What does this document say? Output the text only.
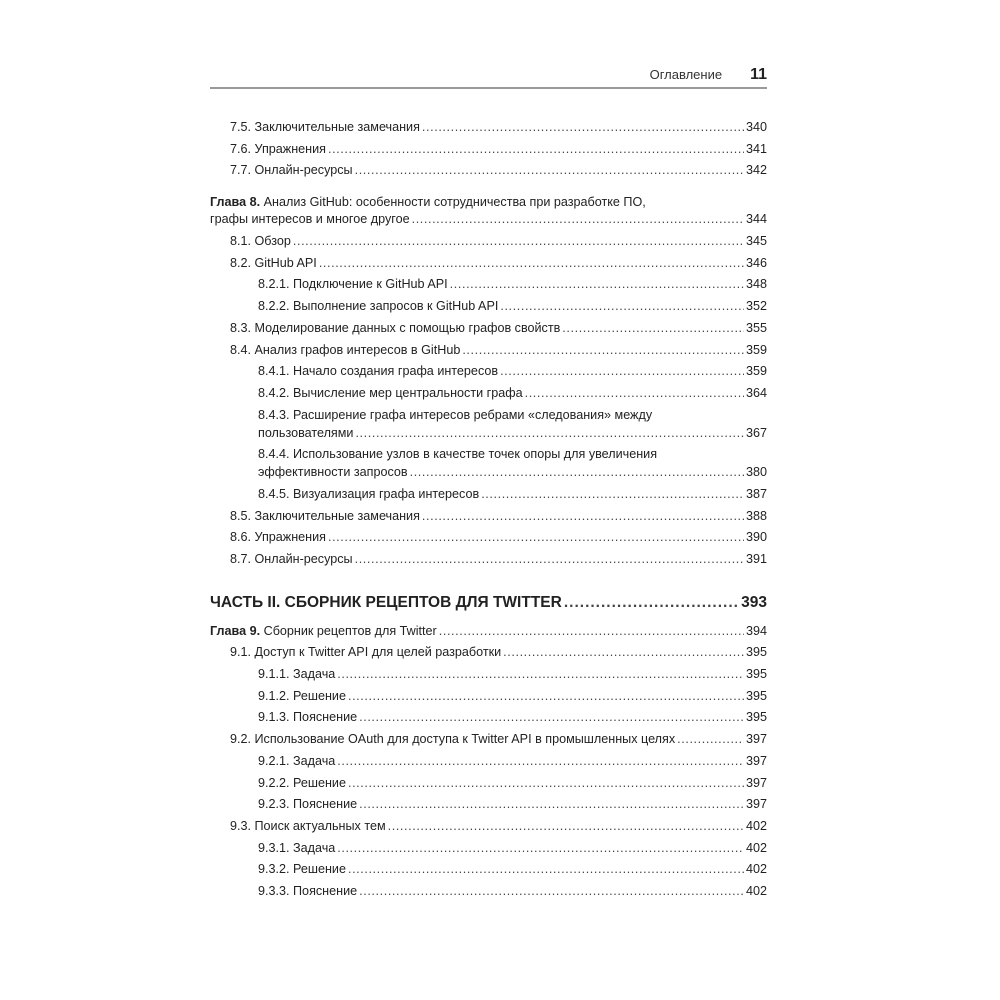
Оглавление 11
7.5. Заключительные замечания .....	340
7.6. Упражнения .....	341
7.7. Онлайн-ресурсы .....	342
Глава 8. Анализ GitHub: особенности сотрудничества при разработке ПО,
графы интересов и многое другое .....	344
8.1. Обзор .....	345
8.2. GitHub API .....	346
8.2.1. Подключение к GitHub API .....	348
8.2.2. Выполнение запросов к GitHub API .....	352
8.3. Моделирование данных с помощью графов свойств .....	355
8.4. Анализ графов интересов в GitHub .....	359
8.4.1. Начало создания графа интересов .....	359
8.4.2. Вычисление мер центральности графа .....	364
8.4.3. Расширение графа интересов ребрами «следования» между
пользователями .....	367
8.4.4. Использование узлов в качестве точек опоры для увеличения
эффективности запросов .....	380
8.4.5. Визуализация графа интересов .....	387
8.5. Заключительные замечания .....	388
8.6. Упражнения .....	390
8.7. Онлайн-ресурсы .....	391
ЧАСТЬ II. СБОРНИК РЕЦЕПТОВ ДЛЯ TWITTER .....	393
Глава 9. Сборник рецептов для Twitter .....	394
9.1. Доступ к Twitter API для целей разработки .....	395
9.1.1. Задача .....	395
9.1.2. Решение .....	395
9.1.3. Пояснение .....	395
9.2. Использование OAuth для доступа к Twitter API в промышленных целях .....	397
9.2.1. Задача .....	397
9.2.2. Решение .....	397
9.2.3. Пояснение .....	397
9.3. Поиск актуальных тем .....	402
9.3.1. Задача .....	402
9.3.2. Решение .....	402
9.3.3. Пояснение .....	402
